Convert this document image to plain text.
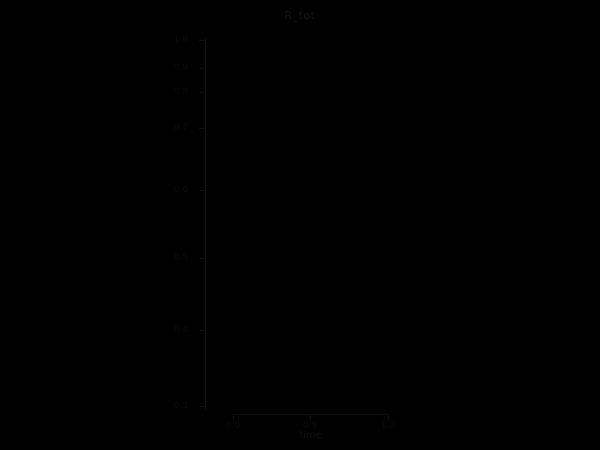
R_tot
1.0
0.9
0.8
0.7
0.6
0.5
0.4
0.3
0.0	0.5	1.0
time
